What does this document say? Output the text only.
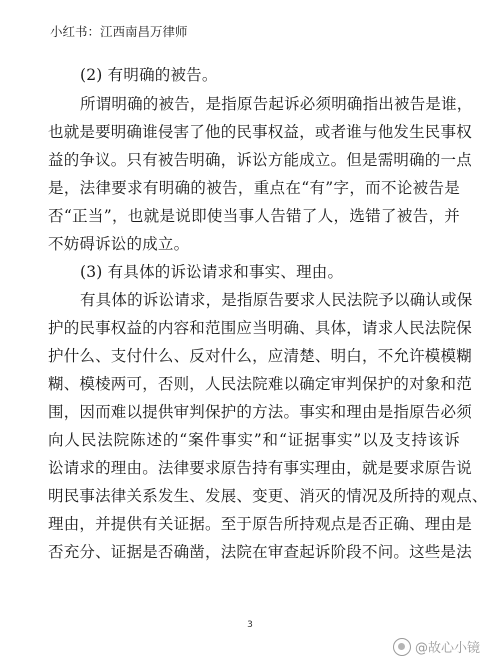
小红书：江西南昌万律师
(2) 有明确的被告。
所谓明确的被告，是指原告起诉必须明确指出被告是谁，
也就是要明确谁侵害了他的民事权益，或者谁与他发生民事权
益的争议。只有被告明确，诉讼方能成立。但是需明确的一点
是，法律要求有明确的被告，重点在“有”字，而不论被告是
否“正当”，也就是说即使当事人告错了人，选错了被告，并
不妨碍诉讼的成立。
(3) 有具体的诉讼请求和事实、理由。
有具体的诉讼请求，是指原告要求人民法院予以确认或保
护的民事权益的内容和范围应当明确、具体，请求人民法院保
护什么、支付什么、反对什么，应清楚、明白，不允许模模糊
糊、模棱两可，否则，人民法院难以确定审判保护的对象和范
围，因而难以提供审判保护的方法。事实和理由是指原告必须
向人民法院陈述的“案件事实”和“证据事实”以及支持该诉
讼请求的理由。法律要求原告持有事实理由，就是要求原告说
明民事法律关系发生、发展、变更、消灭的情况及所持的观点、
理由，并提供有关证据。至于原告所持观点是否正确、理由是
否充分、证据是否确凿，法院在审查起诉阶段不问。这些是法
3
@故心小镜
